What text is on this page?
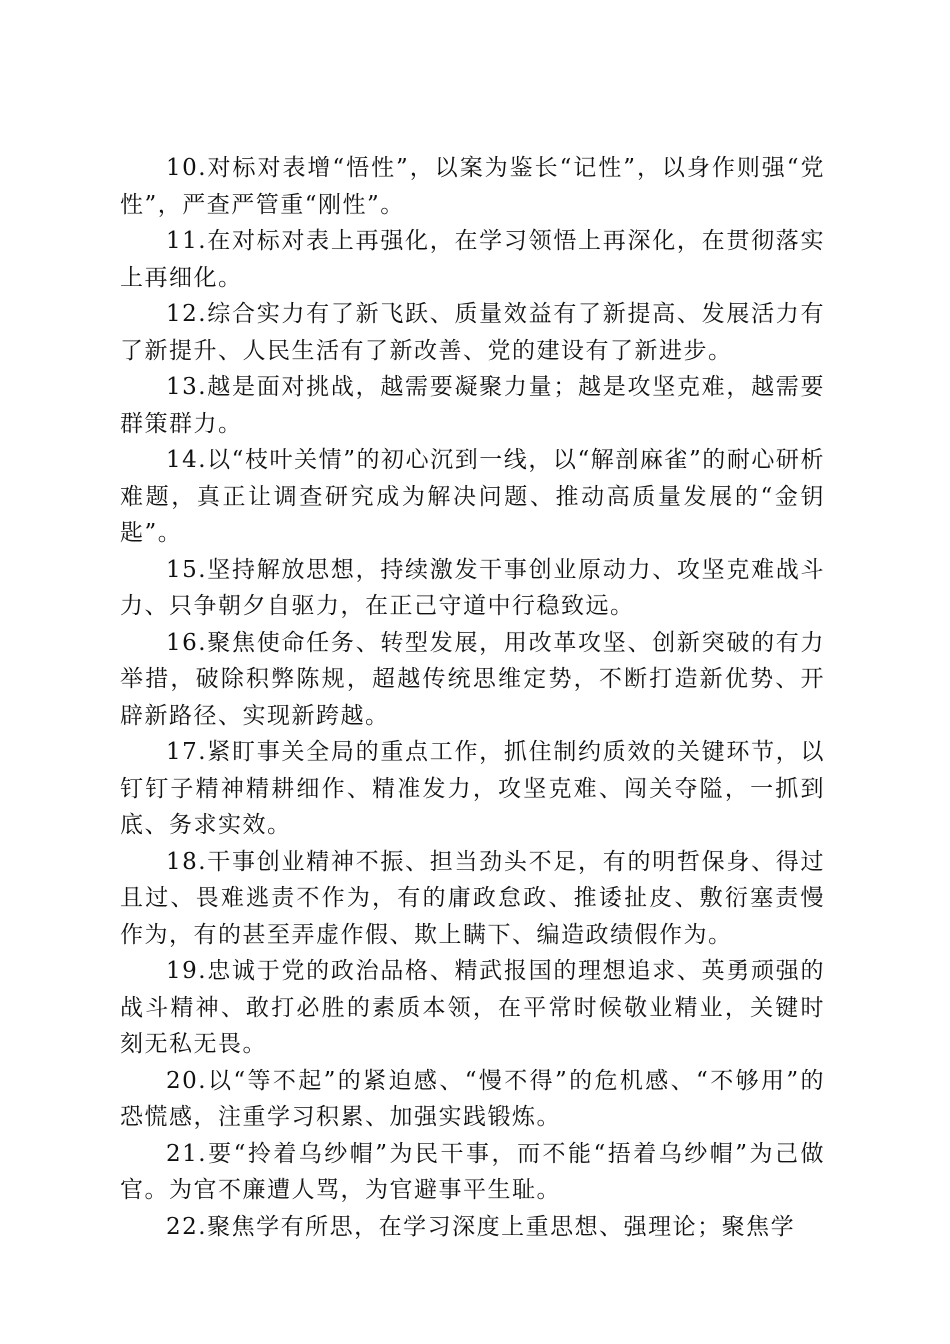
10.对标对表增“悟性”，以案为鉴长“记性”，以身作则强“党性”，严查严管重“刚性”。

11.在对标对表上再强化，在学习领悟上再深化，在贯彻落实上再细化。

12.综合实力有了新飞跃、质量效益有了新提高、发展活力有了新提升、人民生活有了新改善、党的建设有了新进步。

13.越是面对挑战，越需要凝聚力量；越是攻坚克难，越需要群策群力。

14.以“枝叶关情”的初心沉到一线，以“解剖麻雀”的耐心研析难题，真正让调查研究成为解决问题、推动高质量发展的“金钥匙”。

15.坚持解放思想，持续激发干事创业原动力、攻坚克难战斗力、只争朝夕自驱力，在正己守道中行稳致远。

16.聚焦使命任务、转型发展，用改革攻坚、创新突破的有力举措，破除积弊陈规，超越传统思维定势，不断打造新优势、开辟新路径、实现新跨越。

17.紧盯事关全局的重点工作，抓住制约质效的关键环节，以钉钉子精神精耕细作、精准发力，攻坚克难、闯关夺隘，一抓到底、务求实效。

18.干事创业精神不振、担当劲头不足，有的明哲保身、得过且过、畏难逃责不作为，有的庸政怠政、推诿扯皮、敷衍塞责慢作为，有的甚至弄虚作假、欺上瞒下、编造政绩假作为。

19.忠诚于党的政治品格、精武报国的理想追求、英勇顽强的战斗精神、敢打必胜的素质本领，在平常时候敬业精业，关键时刻无私无畏。

20.以“等不起”的紧迫感、“慢不得”的危机感、“不够用”的恐慌感，注重学习积累、加强实践锻炼。

21.要“拎着乌纱帽”为民干事，而不能“捂着乌纱帽”为己做官。为官不廉遭人骂，为官避事平生耻。

22.聚焦学有所思，在学习深度上重思想、强理论；聚焦学
